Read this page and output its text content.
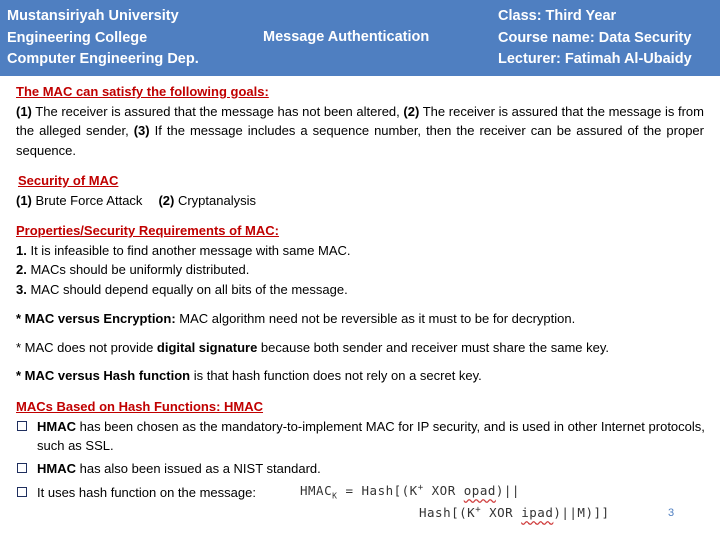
Mustansiriyah University
Engineering College
Computer Engineering Dep.
Message Authentication
Class: Third Year
Course name: Data Security
Lecturer: Fatimah Al-Ubaidy
The MAC can satisfy the following goals:
(1) The receiver is assured that the message has not been altered, (2) The receiver is assured that the message is from the alleged sender, (3) If the message includes a sequence number, then the receiver can be assured of the proper sequence.
Security of MAC
(1) Brute Force Attack (2) Cryptanalysis
Properties/Security Requirements of MAC:
1. It is infeasible to find another message with same MAC.
2. MACs should be uniformly distributed.
3. MAC should depend equally on all bits of the message.
* MAC versus Encryption: MAC algorithm need not be reversible as it must to be for decryption.
* MAC does not provide digital signature because both sender and receiver must share the same key.
* MAC versus Hash function is that hash function does not rely on a secret key.
MACs Based on Hash Functions: HMAC
HMAC has been chosen as the mandatory-to-implement MAC for IP security, and is used in other Internet protocols, such as SSL.
HMAC has also been issued as a NIST standard.
It uses hash function on the message:	$HMAC_K$ = Hash[(K+ XOR opad)||
Hash[(K+ XOR ipad)||M)]]	3
